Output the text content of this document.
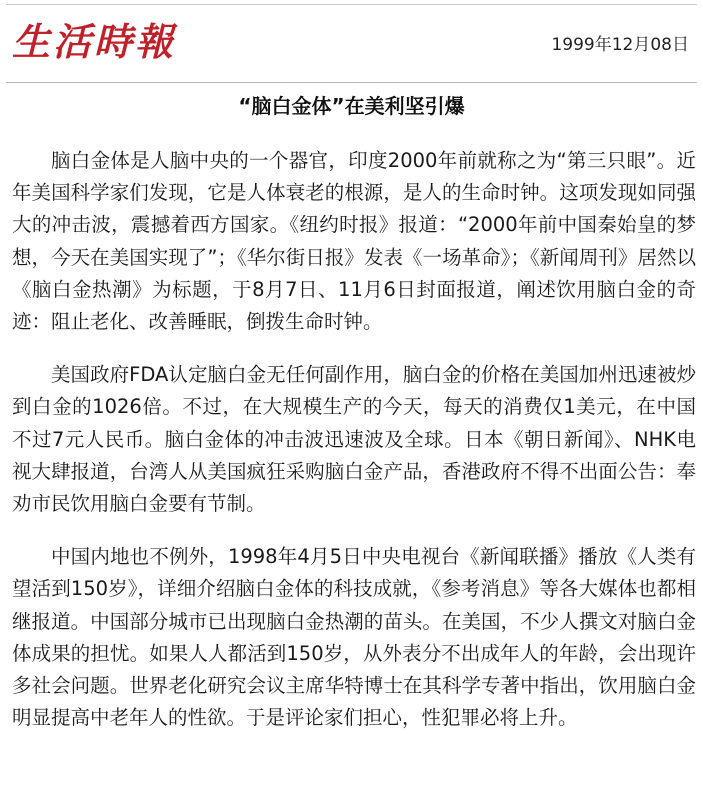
生活時報	1999年12月08日
“脑白金体”在美利坚引爆

脑白金体是人脑中央的一个器官，印度2000年前就称之为“第三只眼”。近年美国科学家们发现，它是人体衰老的根源，是人的生命时钟。这项发现如同强大的冲击波，震撼着西方国家。《纽约时报》报道：“2000年前中国秦始皇的梦想，今天在美国实现了”；《华尔街日报》发表《一场革命》；《新闻周刊》居然以《脑白金热潮》为标题，于8月7日、11月6日封面报道，阐述饮用脑白金的奇迹：阻止老化、改善睡眠，倒拨生命时钟。

美国政府FDA认定脑白金无任何副作用，脑白金的价格在美国加州迅速被炒到白金的1026倍。不过，在大规模生产的今天，每天的消费仅1美元，在中国不过7元人民币。脑白金体的冲击波迅速波及全球。日本《朝日新闻》、NHK电视大肆报道，台湾人从美国疯狂采购脑白金产品，香港政府不得不出面公告：奉劝市民饮用脑白金要有节制。

中国内地也不例外，1998年4月5日中央电视台《新闻联播》播放《人类有望活到150岁》，详细介绍脑白金体的科技成就，《参考消息》等各大媒体也都相继报道。中国部分城市已出现脑白金热潮的苗头。在美国，不少人撰文对脑白金体成果的担忧。如果人人都活到150岁，从外表分不出成年人的年龄，会出现许多社会问题。世界老化研究会议主席华特博士在其科学专著中指出，饮用脑白金明显提高中老年人的性欲。于是评论家们担心，性犯罪必将上升。
